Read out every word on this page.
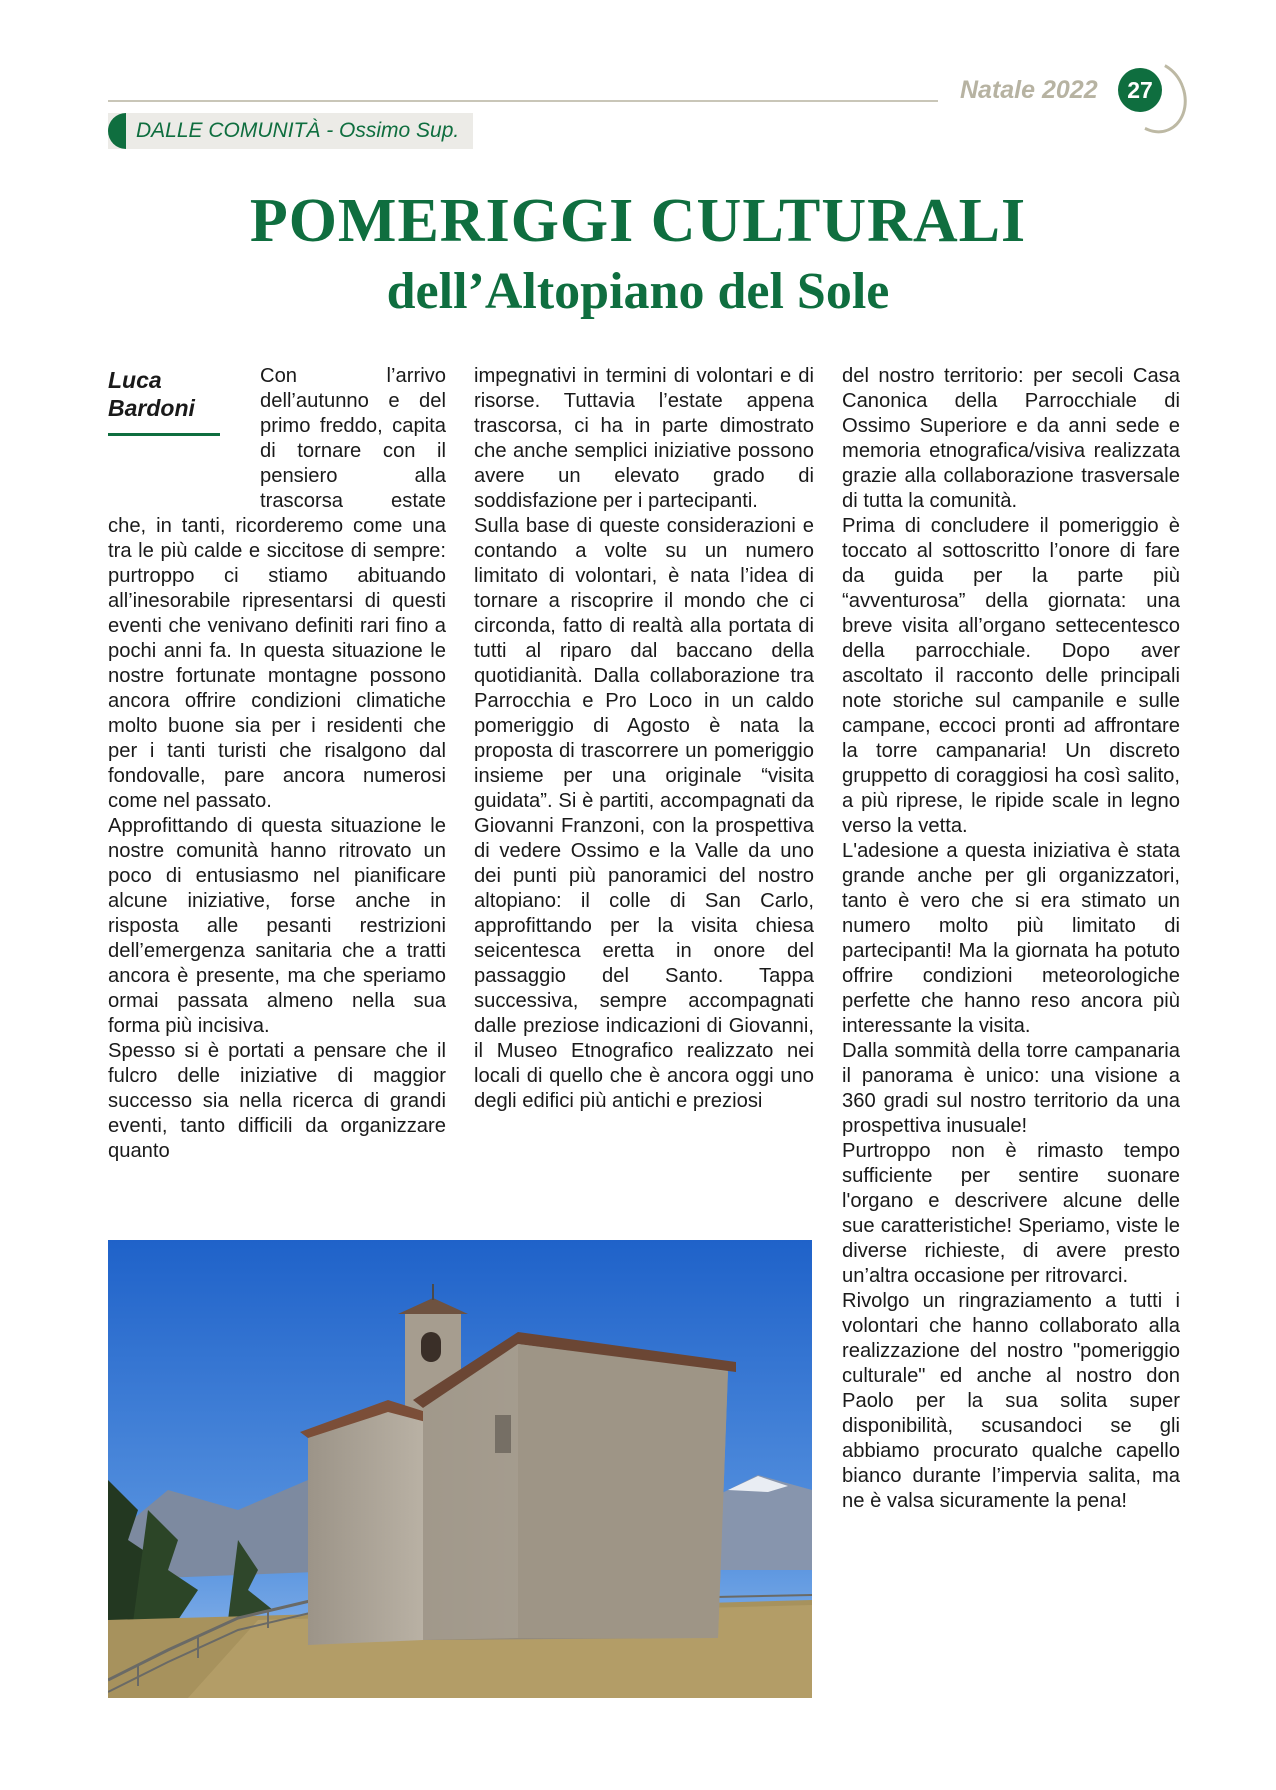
Natale 2022	27
DALLE COMUNITÀ - Ossimo Sup.
POMERIGGI CULTURALI
dell’Altopiano del Sole
Luca Bardoni

Con l’arrivo dell’autunno e del primo freddo, capita di tornare con il pensiero alla trascorsa estate che, in tanti, ricorderemo come una tra le più calde e siccitose di sempre: purtroppo ci stiamo abituando all’inesorabile ripresentarsi di questi eventi che venivano definiti rari fino a pochi anni fa. In questa situazione le nostre fortunate montagne possono ancora offrire condizioni climatiche molto buone sia per i residenti che per i tanti turisti che risalgono dal fondovalle, pare ancora numerosi come nel passato.

Approfittando di questa situazione le nostre comunità hanno ritrovato un poco di entusiasmo nel pianificare alcune iniziative, forse anche in risposta alle pesanti restrizioni dell’emergenza sanitaria che a tratti ancora è presente, ma che speriamo ormai passata almeno nella sua forma più incisiva.

Spesso si è portati a pensare che il fulcro delle iniziative di maggior successo sia nella ricerca di grandi eventi, tanto difficili da organizzare quanto

impegnativi in termini di volontari e di risorse. Tuttavia l’estate appena trascorsa, ci ha in parte dimostrato che anche semplici iniziative possono avere un elevato grado di soddisfazione per i partecipanti.

Sulla base di queste considerazioni e contando a volte su un numero limitato di volontari, è nata l’idea di tornare a riscoprire il mondo che ci circonda, fatto di realtà alla portata di tutti al riparo dal baccano della quotidianità. Dalla collaborazione tra Parrocchia e Pro Loco in un caldo pomeriggio di Agosto è nata la proposta di trascorrere un pomeriggio insieme per una originale “visita guidata”. Si è partiti, accompagnati da Giovanni Franzoni, con la prospettiva di vedere Ossimo e la Valle da uno dei punti più panoramici del nostro altopiano: il colle di San Carlo, approfittando per la visita chiesa seicentesca eretta in onore del passaggio del Santo. Tappa successiva, sempre accompagnati dalle preziose indicazioni di Giovanni, il Museo Etnografico realizzato nei locali di quello che è ancora oggi uno degli edifici più antichi e preziosi

del nostro territorio: per secoli Casa Canonica della Parrocchiale di Ossimo Superiore e da anni sede e memoria etnografica/visiva realizzata grazie alla collaborazione trasversale di tutta la comunità.

Prima di concludere il pomeriggio è toccato al sottoscritto l’onore di fare da guida per la parte più “avventurosa” della giornata: una breve visita all’organo settecentesco della parrocchiale. Dopo aver ascoltato il racconto delle principali note storiche sul campanile e sulle campane, eccoci pronti ad affrontare la torre campanaria! Un discreto gruppetto di coraggiosi ha così salito, a più riprese, le ripide scale in legno verso la vetta.

L'adesione a questa iniziativa è stata grande anche per gli organizzatori, tanto è vero che si era stimato un numero molto più limitato di partecipanti! Ma la giornata ha potuto offrire condizioni meteorologiche perfette che hanno reso ancora più interessante la visita.

Dalla sommità della torre campanaria il panorama è unico: una visione a 360 gradi sul nostro territorio da una prospettiva inusuale!

Purtroppo non è rimasto tempo sufficiente per sentire suonare l'organo e descrivere alcune delle sue caratteristiche! Speriamo, viste le diverse richieste, di avere presto un’altra occasione per ritrovarci.

Rivolgo un ringraziamento a tutti i volontari che hanno collaborato alla realizzazione del nostro "pomeriggio culturale" ed anche al nostro don Paolo per la sua solita super disponibilità, scusandoci se gli abbiamo procurato qualche capello bianco durante l’impervia salita, ma ne è valsa sicuramente la pena!
